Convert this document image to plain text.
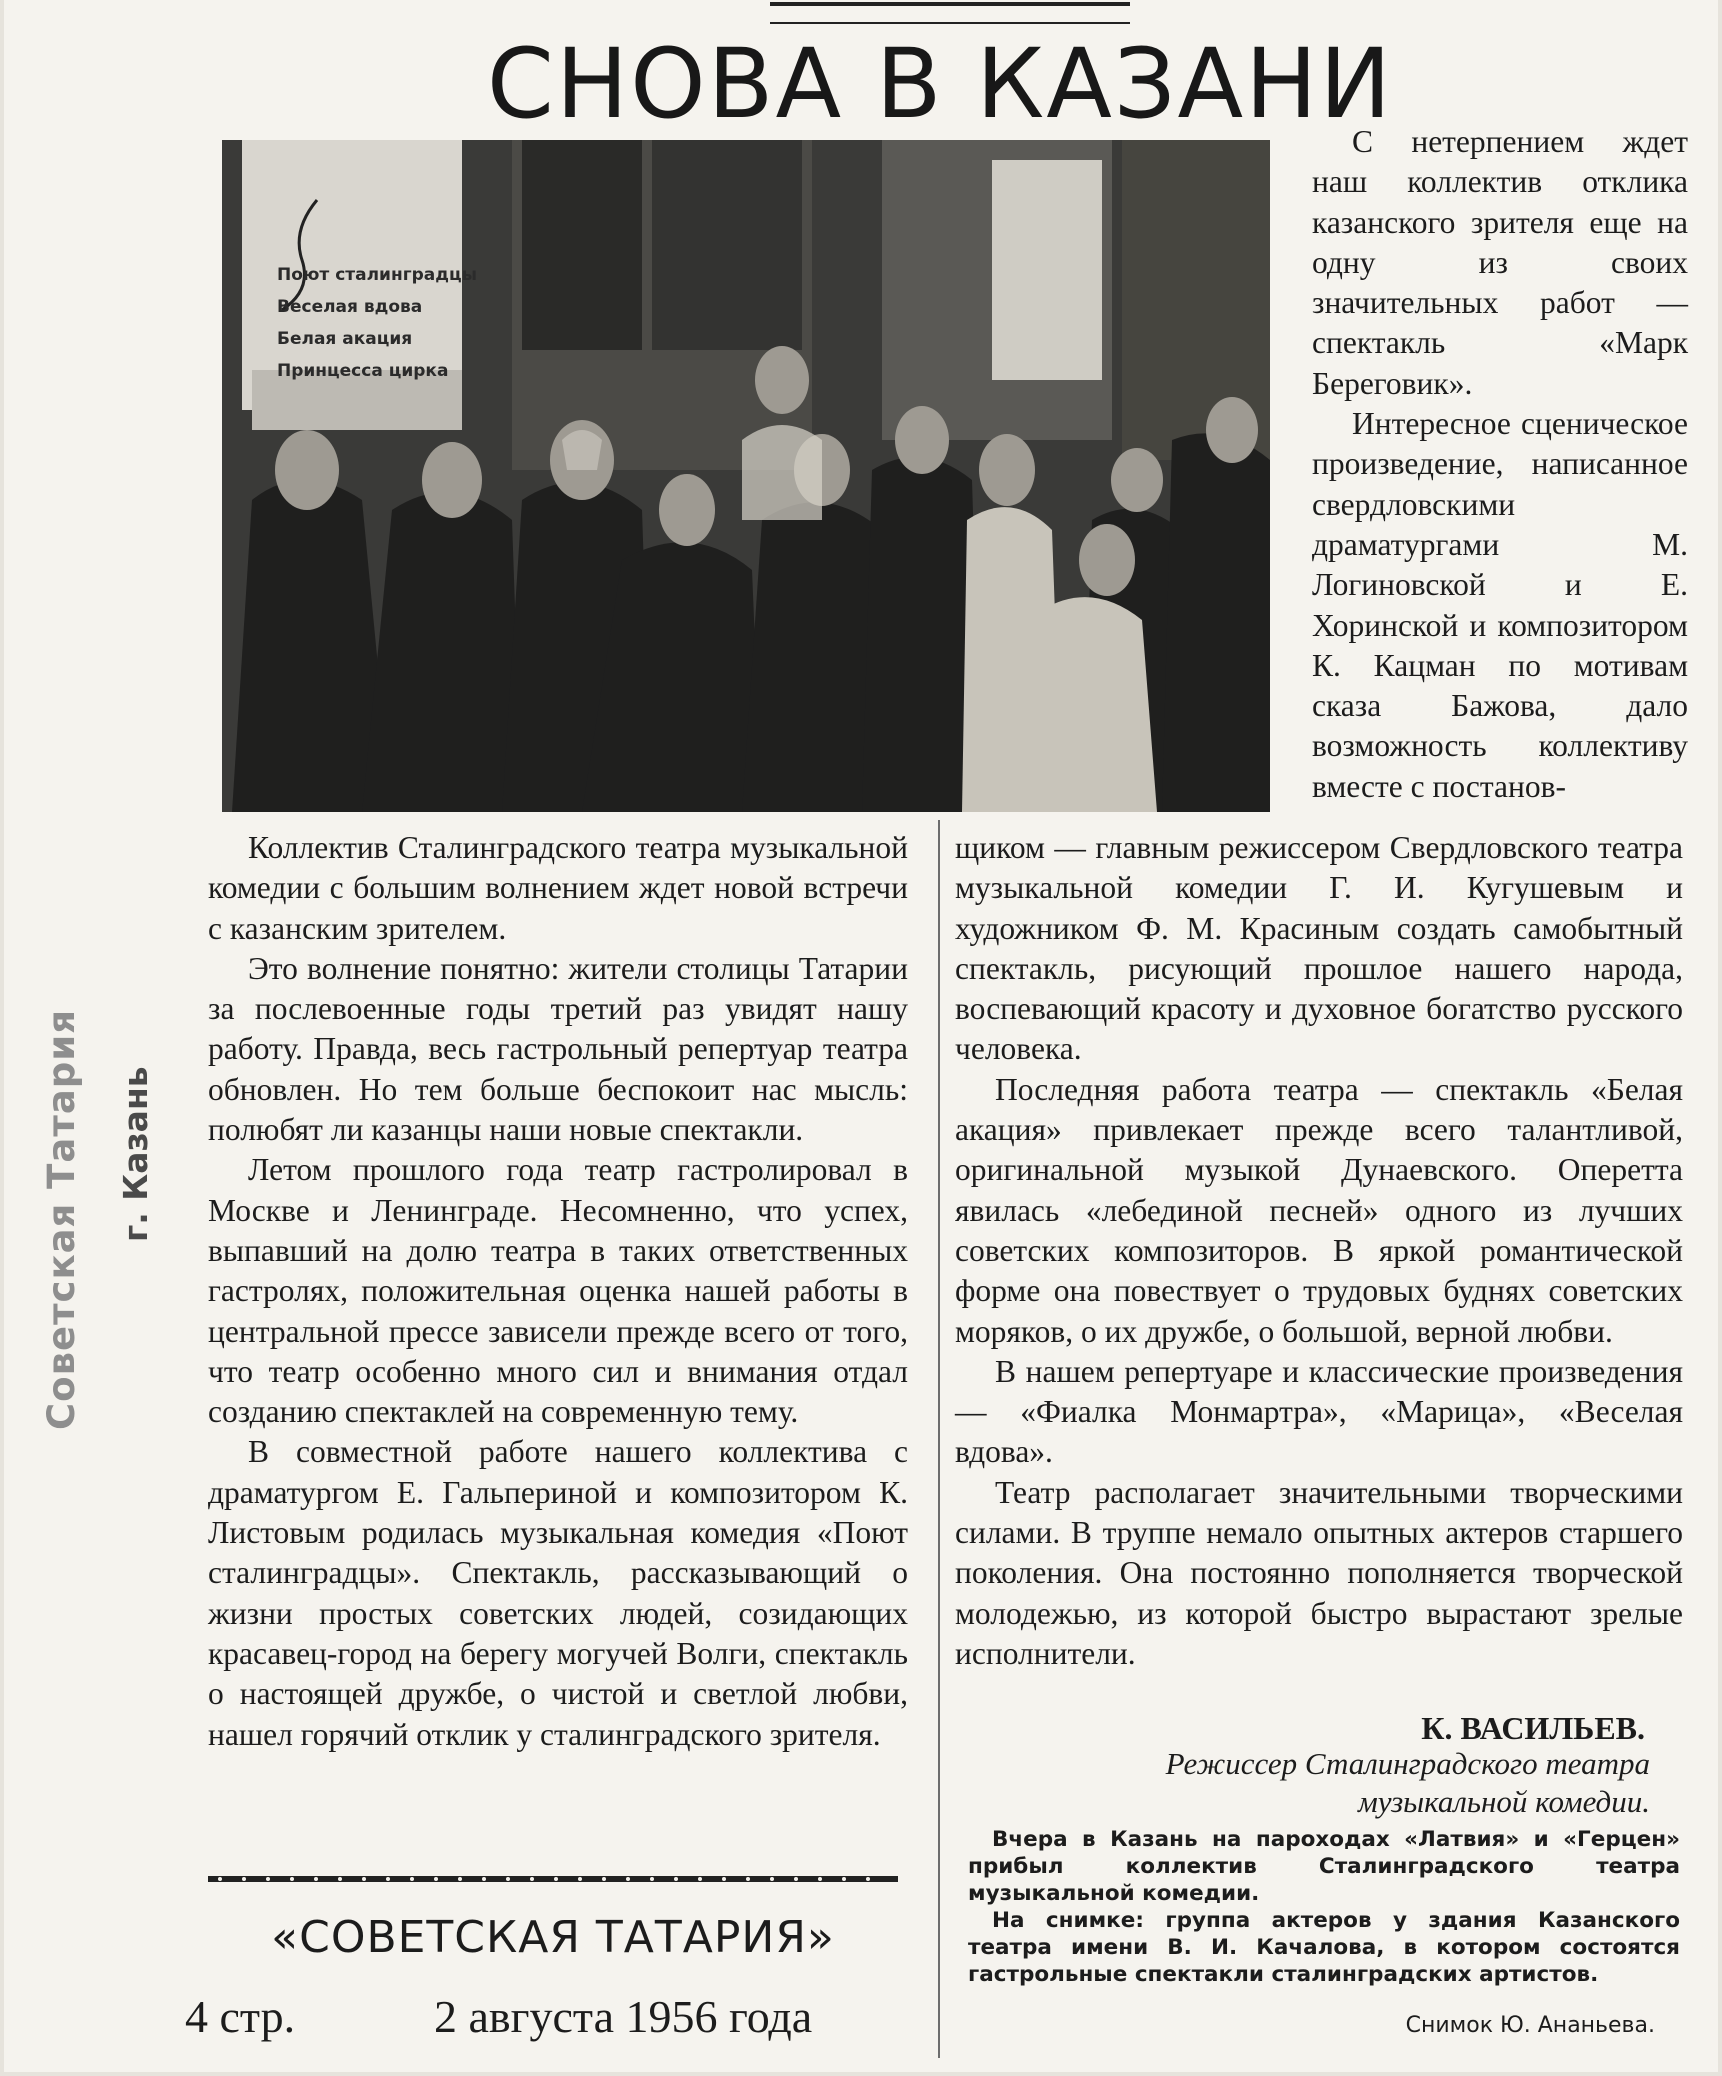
СНОВА В КАЗАНИ
Поют сталинградцы
Веселая вдова
Белая акация
Принцесса цирка

С нетерпением ждет наш коллектив отклика казанского зрителя еще на одну из своих значительных работ — спектакль «Марк Береговик».

Интересное сценическое произведение, написанное свердловскими драматургами М. Логиновской и Е. Хоринской и композитором К. Кацман по мотивам сказа Бажова, дало возможность коллективу вместе с постанов-

Коллектив Сталинградского театра музыкальной комедии с большим волнением ждет новой встречи с казанским зрителем.

Это волнение понятно: жители столицы Татарии за послевоенные годы третий раз увидят нашу работу. Правда, весь гастрольный репертуар театра обновлен. Но тем больше беспокоит нас мысль: полюбят ли казанцы наши новые спектакли.

Летом прошлого года театр гастролировал в Москве и Ленинграде. Несомненно, что успех, выпавший на долю театра в таких ответственных гастролях, положительная оценка нашей работы в центральной прессе зависели прежде всего от того, что театр особенно много сил и внимания отдал созданию спектаклей на современную тему.

В совместной работе нашего коллектива с драматургом Е. Гальпериной и композитором К. Листовым родилась музыкальная комедия «Поют сталинградцы». Спектакль, рассказывающий о жизни простых советских людей, созидающих красавец-город на берегу могучей Волги, спектакль о настоящей дружбе, о чистой и светлой любви, нашел горячий отклик у сталинградского зрителя.

щиком — главным режиссером Свердловского театра музыкальной комедии Г. И. Кугушевым и художником Ф. М. Красиным создать самобытный спектакль, рисующий прошлое нашего народа, воспевающий красоту и духовное богатство русского человека.

Последняя работа театра — спектакль «Белая акация» привлекает прежде всего талантливой, оригинальной музыкой Дунаевского. Оперетта явилась «лебединой песней» одного из лучших советских композиторов. В яркой романтической форме она повествует о трудовых буднях советских моряков, о их дружбе, о большой, верной любви.

В нашем репертуаре и классические произведения — «Фиалка Монмартра», «Марица», «Веселая вдова».

Театр располагает значительными творческими силами. В труппе немало опытных актеров старшего поколения. Она постоянно пополняется творческой молодежью, из которой быстро вырастают зрелые исполнители.

К. ВАСИЛЬЕВ.
Режиссер Сталинградского театра музыкальной комедии.

Вчера в Казань на пароходах «Латвия» и «Герцен» прибыл коллектив Сталинградского театра музыкальной комедии.

На снимке: группа актеров у здания Казанского театра имени В. И. Качалова, в котором состоятся гастрольные спектакли сталинградских артистов.

Снимок Ю. Ананьева.
«СОВЕТСКАЯ ТАТАРИЯ»
4 стр.	2 августа 1956 года
Советская Татария г. Казань
